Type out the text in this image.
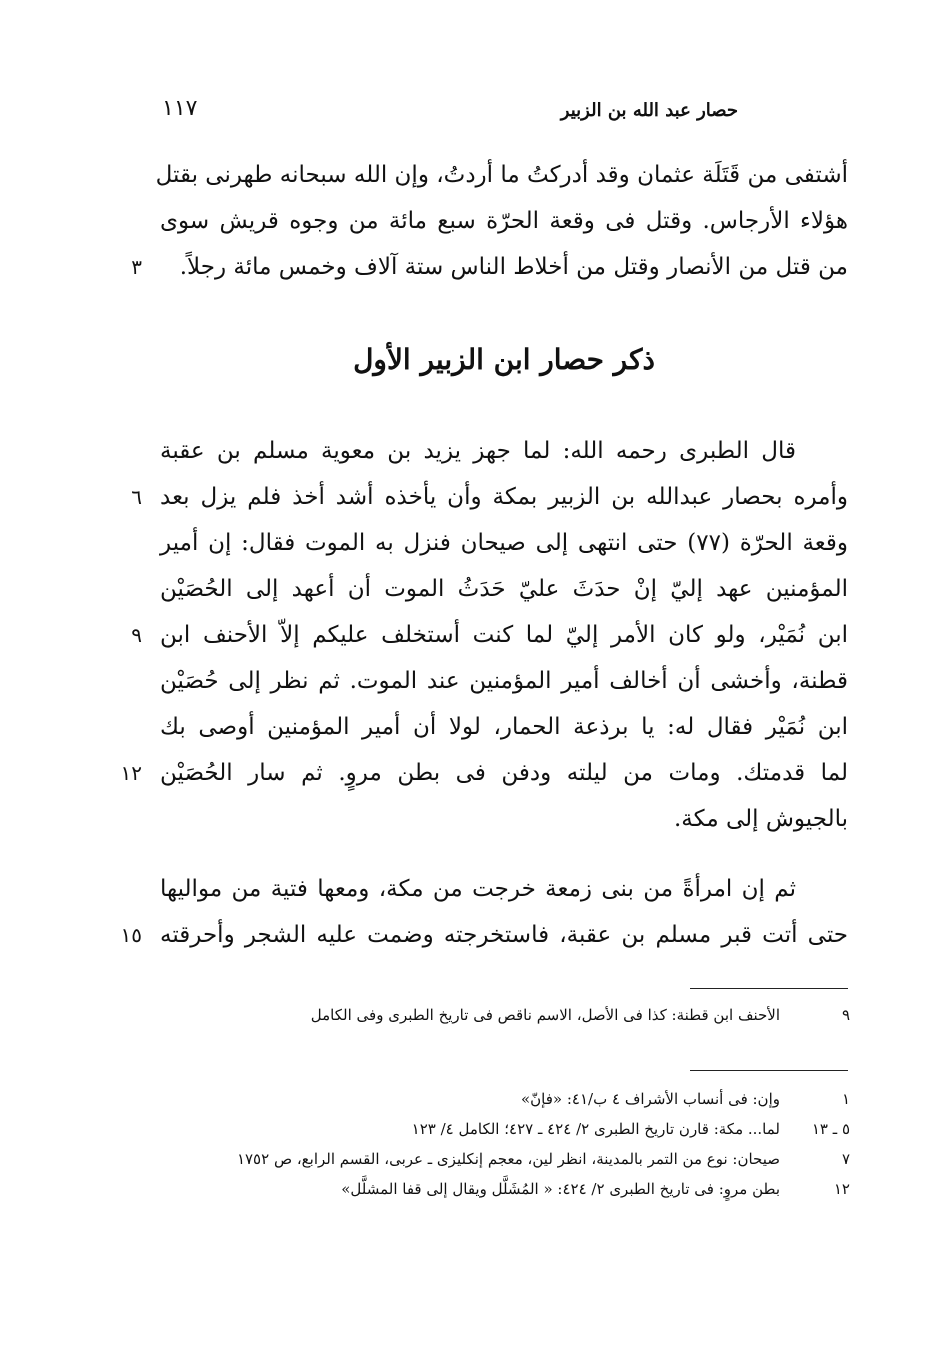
١١٧	حصار عبد الله بن الزبير
أشتفى من قَتَلَة عثمان وقد أدركتُ ما أردتُ، وإن الله سبحانه طهرنى بقتل
هؤلاء الأرجاس. وقتل فى وقعة الحرّة سبع مائة من وجوه قريش سوى
من قتل من الأنصار وقتل من أخلاط الناس ستة آلاف وخمس مائة رجلاً.
٣
ذكر حصار ابن الزبير الأول
قال الطبرى رحمه الله: لما جهز يزيد بن معوية مسلم بن عقبة
وأمره بحصار عبدالله بن الزبير بمكة وأن يأخذه أشد أخذ فلم يزل بعد
٦
وقعة الحرّة (٧٧) حتى انتهى إلى صيحان فنزل به الموت فقال: إن أمير
المؤمنين عهد إليّ إنْ حدَثَ عليّ حَدَثُ الموت أن أعهد إلى الحُصَيْن
ابن نُمَيْر، ولو كان الأمر إليّ لما كنت أستخلف عليكم إلاّ الأحنف ابن
٩
قطنة، وأخشى أن أخالف أمير المؤمنين عند الموت. ثم نظر إلى حُصَيْن
ابن نُمَيْر فقال له: يا برذعة الحمار، لولا أن أمير المؤمنين أوصى بك
لما قدمتك. ومات من ليلته ودفن فى بطن مروٍ. ثم سار الحُصَيْن
١٢
بالجيوش إلى مكة.
ثم إن امرأةً من بنى زمعة خرجت من مكة، ومعها فتية من مواليها
حتى أتت قبر مسلم بن عقبة، فاستخرجته وضمت عليه الشجر وأحرقته
١٥
٩
الأحنف ابن قطنة: كذا فى الأصل، الاسم ناقص فى تاريخ الطبرى وفى الكامل
١
وإن: فى أنساب الأشراف ٤ ب/٤١: «فإنّ»
٥ ـ ١٣
لما... مكة: قارن تاريخ الطبرى ٢/ ٤٢٤ ـ ٤٢٧؛ الكامل ٤/ ١٢٣
٧
صيحان: نوع من التمر بالمدينة، انظر لين، معجم إنكليزى ـ عربى، القسم الرابع، ص ١٧٥٢
١٢
بطن مروٍ: فى تاريخ الطبرى ٢/ ٤٢٤: « المُشَلَّل ويقال إلى قفا المشلَّل»
